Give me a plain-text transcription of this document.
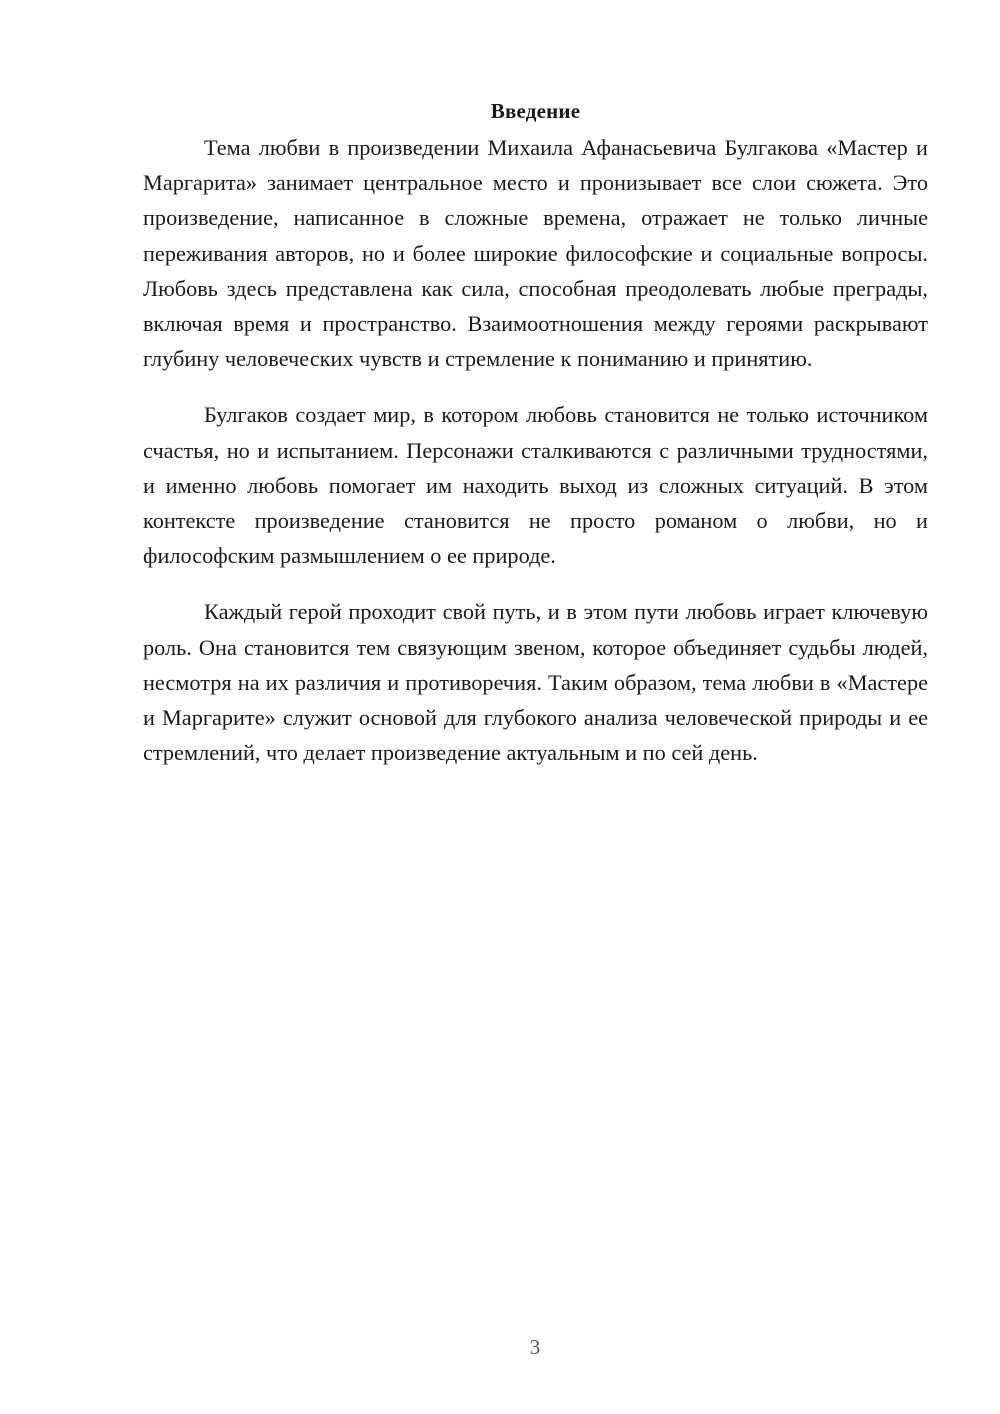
Введение

Тема любви в произведении Михаила Афанасьевича Булгакова «Мастер и Маргарита» занимает центральное место и пронизывает все слои сюжета. Это произведение, написанное в сложные времена, отражает не только личные переживания авторов, но и более широкие философские и социальные вопросы. Любовь здесь представлена как сила, способная преодолевать любые преграды, включая время и пространство. Взаимоотношения между героями раскрывают глубину человеческих чувств и стремление к пониманию и принятию.

Булгаков создает мир, в котором любовь становится не только источником счастья, но и испытанием. Персонажи сталкиваются с различными трудностями, и именно любовь помогает им находить выход из сложных ситуаций. В этом контексте произведение становится не просто романом о любви, но и философским размышлением о ее природе.

Каждый герой проходит свой путь, и в этом пути любовь играет ключевую роль. Она становится тем связующим звеном, которое объединяет судьбы людей, несмотря на их различия и противоречия. Таким образом, тема любви в «Мастере и Маргарите» служит основой для глубокого анализа человеческой природы и ее стремлений, что делает произведение актуальным и по сей день.

3
